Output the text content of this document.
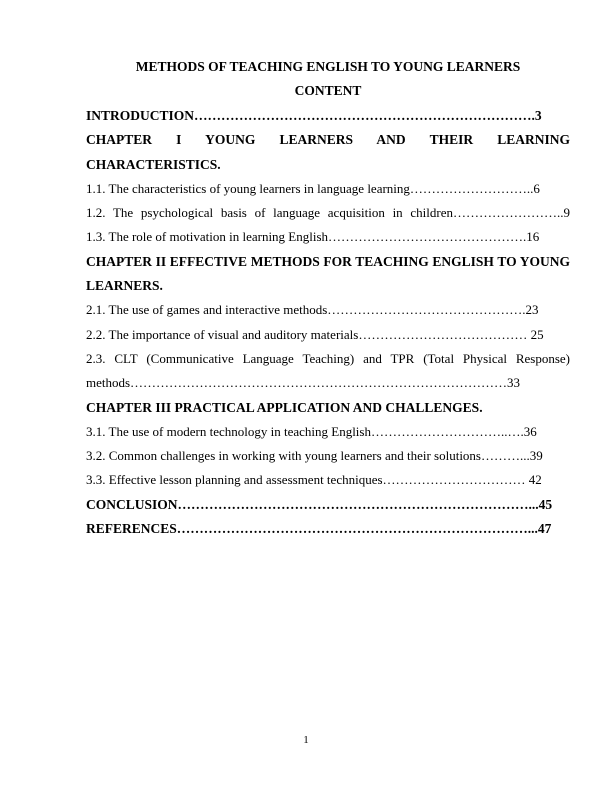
METHODS OF TEACHING ENGLISH TO YOUNG LEARNERS

CONTENT

INTRODUCTION………………………………………………………………….3

CHAPTER I YOUNG LEARNERS AND THEIR LEARNING CHARACTERISTICS.

1.1. The characteristics of young learners in language learning………………………..6

1.2. The psychological basis of language acquisition in children……………………..9

1.3. The role of motivation in learning English……………………………………….16

CHAPTER II EFFECTIVE METHODS FOR TEACHING ENGLISH TO YOUNG LEARNERS.

2.1. The use of games and interactive methods……………………………………….23

2.2. The importance of visual and auditory materials………………………………… 25

2.3. CLT (Communicative Language Teaching) and TPR (Total Physical Response) methods……………………………………………………………………………33

CHAPTER III PRACTICAL APPLICATION AND CHALLENGES.

3.1. The use of modern technology in teaching English…………………………..….36

3.2. Common challenges in working with young learners and their solutions………...39

3.3. Effective lesson planning and assessment techniques…………………………… 42

CONCLUSION……………………………………………………………………...45

REFERENCES……………………………………………………………………...47

1
